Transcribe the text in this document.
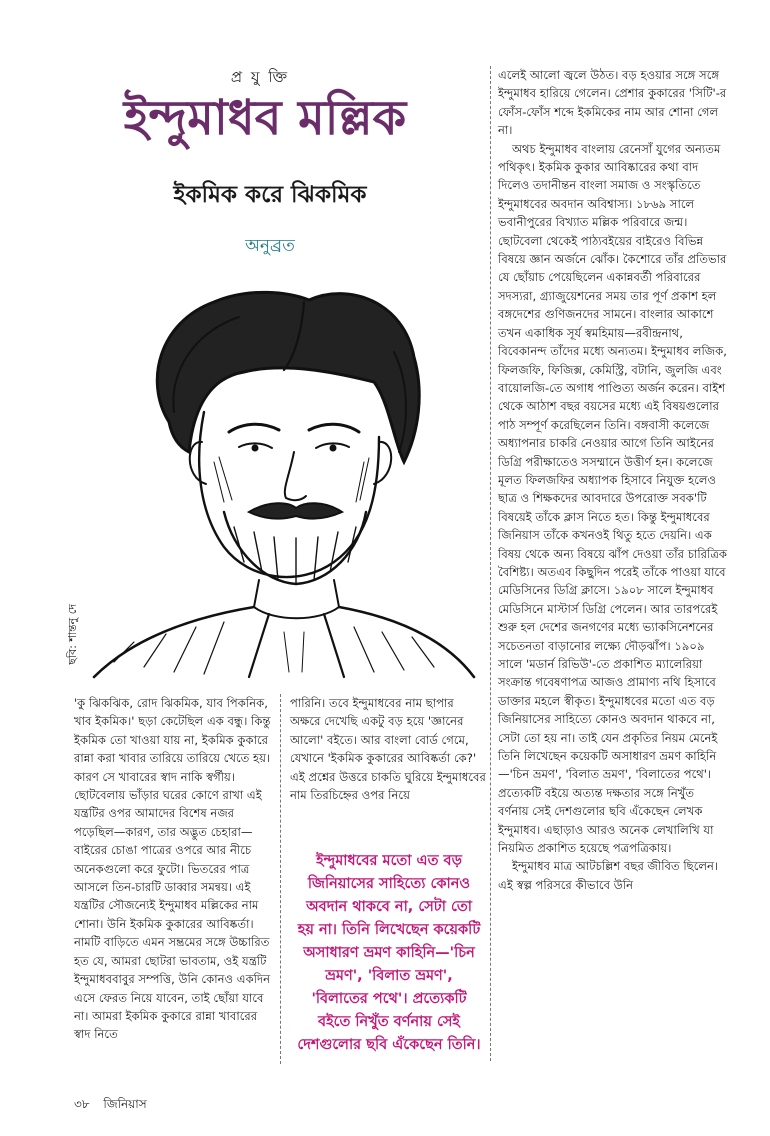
প্র যু ক্তি
ইন্দুমাধব মল্লিক
ইকমিক করে ঝিকমিক
অনুব্রত
ছবি: শান্তনু দে

'কু ঝিকঝিক, রোদ ঝিকমিক, যাব পিকনিক, খাব ইকমিক।' ছড়া কেটেছিল এক বন্ধু। কিন্তু ইকমিক তো খাওয়া যায় না, ইকমিক কুকারে রান্না করা খাবার তারিয়ে তারিয়ে খেতে হয়। কারণ সে খাবারের স্বাদ নাকি স্বর্গীয়। ছোটবেলায় ভাঁড়ার ঘরের কোণে রাখা এই যন্ত্রটির ওপর আমাদের বিশেষ নজর পড়েছিল—কারণ, তার অদ্ভুত চেহারা—বাইরের চোঙা পাত্রের ওপরে আর নীচে অনেকগুলো করে ফুটো। ভিতরের পাত্র আসলে তিন-চারটি ডাব্বার সমন্বয়। এই যন্ত্রটির সৌজন্যেই ইন্দুমাধব মল্লিকের নাম শোনা। উনি ইকমিক কুকারের আবিষ্কর্তা। নামটি বাড়িতে এমন সম্ভ্রমের সঙ্গে উচ্চারিত হত যে, আমরা ছোটরা ভাবতাম, ওই যন্ত্রটি ইন্দুমাধববাবুর সম্পত্তি, উনি কোনও একদিন এসে ফেরত নিয়ে যাবেন, তাই ছোঁয়া যাবে না। আমরা ইকমিক কুকারে রান্না খাবারের স্বাদ নিতে

পারিনি। তবে ইন্দুমাধবের নাম ছাপার অক্ষরে দেখেছি একটু বড় হয়ে 'জ্ঞানের আলো' বইতে। আর বাংলা বোর্ড গেমে, যেখানে 'ইকমিক কুকারের আবিষ্কর্তা কে?' এই প্রশ্নের উত্তরে চাকতি ঘুরিয়ে ইন্দুমাধবের নাম তিরচিহ্নের ওপর নিয়ে

ইন্দুমাধবের মতো এত বড় জিনিয়াসের সাহিত্যে কোনও অবদান থাকবে না, সেটা তো হয় না। তিনি লিখেছেন কয়েকটি অসাধারণ ভ্রমণ কাহিনি—'চিন ভ্রমণ', 'বিলাত ভ্রমণ', 'বিলাতের পথে'। প্রত্যেকটি বইতে নিখুঁত বর্ণনায় সেই দেশগুলোর ছবি এঁকেছেন তিনি।

এলেই আলো জ্বলে উঠত। বড় হওয়ার সঙ্গে সঙ্গে ইন্দুমাধব হারিয়ে গেলেন। প্রেশার কুকারের 'সিটি'-র ফোঁস-ফোঁস শব্দে ইকমিকের নাম আর শোনা গেল না।

অথচ ইন্দুমাধব বাংলায় রেনেসাঁ যুগের অন্যতম পথিকৃৎ। ইকমিক কুকার আবিষ্কারের কথা বাদ দিলেও তদানীন্তন বাংলা সমাজ ও সংস্কৃতিতে ইন্দুমাধবের অবদান অবিশ্বাস্য। ১৮৬৯ সালে ভবানীপুরের বিখ্যাত মল্লিক পরিবারে জন্ম। ছোটবেলা থেকেই পাঠ্যবইয়ের বাইরেও বিভিন্ন বিষয়ে জ্ঞান অর্জনে ঝোঁক। কৈশোরে তাঁর প্রতিভার যে ছোঁয়াচ পেয়েছিলেন একান্নবর্তী পরিবারের সদস্যরা, গ্র্যাজুয়েশনের সময় তার পূর্ণ প্রকাশ হল বঙ্গদেশের গুণিজনদের সামনে। বাংলার আকাশে তখন একাধিক সূর্য স্বমহিমায়—রবীন্দ্রনাথ, বিবেকানন্দ তাঁদের মধ্যে অন্যতম। ইন্দুমাধব লজিক, ফিলজফি, ফিজিক্স, কেমিস্ট্রি, বটানি, জুলজি এবং বায়োলজি-তে অগাধ পাণ্ডিত্য অর্জন করেন। বাইশ থেকে আঠাশ বছর বয়সের মধ্যে এই বিষয়গুলোর পাঠ সম্পূর্ণ করেছিলেন তিনি। বঙ্গবাসী কলেজে অধ্যাপনার চাকরি নেওয়ার আগে তিনি আইনের ডিগ্রি পরীক্ষাতেও সসম্মানে উত্তীর্ণ হন। কলেজে মূলত ফিলজফির অধ্যাপক হিসাবে নিযুক্ত হলেও ছাত্র ও শিক্ষকদের আবদারে উপরোক্ত সবক'টি বিষয়েই তাঁকে ক্লাস নিতে হত। কিন্তু ইন্দুমাধবের জিনিয়াস তাঁকে কখনওই থিতু হতে দেয়নি। এক বিষয় থেকে অন্য বিষয়ে ঝাঁপ দেওয়া তাঁর চারিত্রিক বৈশিষ্ট্য। অতএব কিছুদিন পরেই তাঁকে পাওয়া যাবে মেডিসিনের ডিগ্রি ক্লাসে। ১৯০৮ সালে ইন্দুমাধব মেডিসিনে মাস্টার্স ডিগ্রি পেলেন। আর তারপরেই শুরু হল দেশের জনগণের মধ্যে ভ্যাকসিনেশনের সচেতনতা বাড়ানোর লক্ষ্যে দৌড়ঝাঁপ। ১৯০৯ সালে 'মডার্ন রিভিউ'-তে প্রকাশিত ম্যালেরিয়া সংক্রান্ত গবেষণাপত্র আজও প্রামাণ্য নথি হিসাবে ডাক্তার মহলে স্বীকৃত। ইন্দুমাধবের মতো এত বড় জিনিয়াসের সাহিত্যে কোনও অবদান থাকবে না, সেটা তো হয় না। তাই যেন প্রকৃতির নিয়ম মেনেই তিনি লিখেছেন কয়েকটি অসাধারণ ভ্রমণ কাহিনি—'চিন ভ্রমণ', 'বিলাত ভ্রমণ', 'বিলাতের পথে'। প্রত্যেকটি বইয়ে অত্যন্ত দক্ষতার সঙ্গে নিখুঁত বর্ণনায় সেই দেশগুলোর ছবি এঁকেছেন লেখক ইন্দুমাধব। এছাড়াও আরও অনেক লেখালিখি যা নিয়মিত প্রকাশিত হয়েছে পত্রপত্রিকায়।

ইন্দুমাধব মাত্র আটচল্লিশ বছর জীবিত ছিলেন। এই স্বল্প পরিসরে কীভাবে উনি

৩৮ জিনিয়াস
